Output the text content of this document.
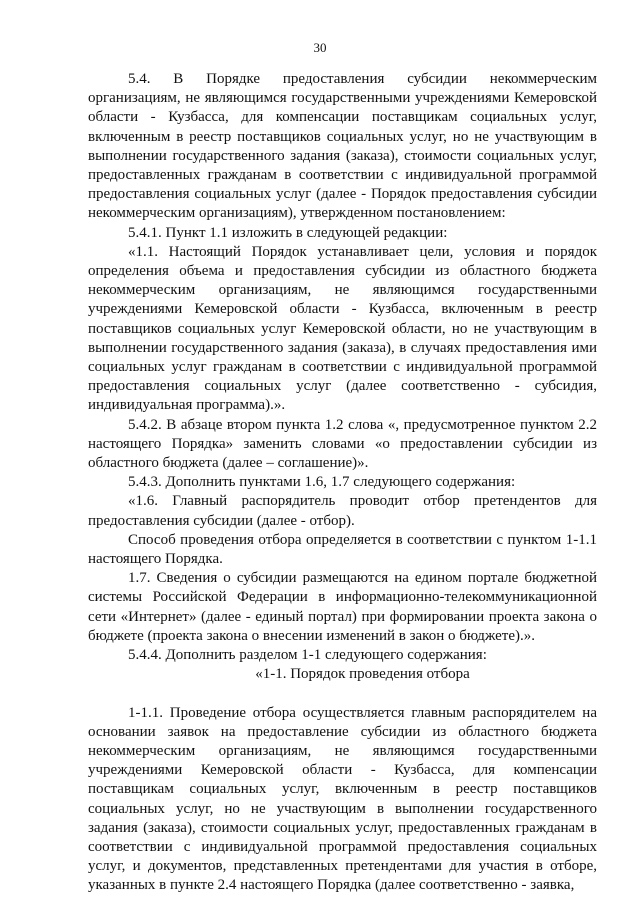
30

5.4. В Порядке предоставления субсидии некоммерческим организациям, не являющимся государственными учреждениями Кемеровской области - Кузбасса, для компенсации поставщикам социальных услуг, включенным в реестр поставщиков социальных услуг, но не участвующим в выполнении государственного задания (заказа), стоимости социальных услуг, предоставленных гражданам в соответствии с индивидуальной программой предоставления социальных услуг (далее - Порядок предоставления субсидии некоммерческим организациям), утвержденном постановлением:

5.4.1. Пункт 1.1 изложить в следующей редакции:

«1.1. Настоящий Порядок устанавливает цели, условия и порядок определения объема и предоставления субсидии из областного бюджета некоммерческим организациям, не являющимся государственными учреждениями Кемеровской области - Кузбасса, включенным в реестр поставщиков социальных услуг Кемеровской области, но не участвующим в выполнении государственного задания (заказа), в случаях предоставления ими социальных услуг гражданам в соответствии с индивидуальной программой предоставления социальных услуг (далее соответственно - субсидия, индивидуальная программа).».

5.4.2. В абзаце втором пункта 1.2 слова «, предусмотренное пунктом 2.2 настоящего Порядка» заменить словами «о предоставлении субсидии из областного бюджета (далее – соглашение)».

5.4.3. Дополнить пунктами 1.6, 1.7 следующего содержания:

«1.6. Главный распорядитель проводит отбор претендентов для предоставления субсидии (далее - отбор).

Способ проведения отбора определяется в соответствии с пунктом 1-1.1 настоящего Порядка.

1.7. Сведения о субсидии размещаются на едином портале бюджетной системы Российской Федерации в информационно-телекоммуникационной сети «Интернет» (далее - единый портал) при формировании проекта закона о бюджете (проекта закона о внесении изменений в закон о бюджете).».

5.4.4. Дополнить разделом 1-1 следующего содержания:

«1-1. Порядок проведения отбора

1-1.1. Проведение отбора осуществляется главным распорядителем на основании заявок на предоставление субсидии из областного бюджета некоммерческим организациям, не являющимся государственными учреждениями Кемеровской области - Кузбасса, для компенсации поставщикам социальных услуг, включенным в реестр поставщиков социальных услуг, но не участвующим в выполнении государственного задания (заказа), стоимости социальных услуг, предоставленных гражданам в соответствии с индивидуальной программой предоставления социальных услуг, и документов, представленных претендентами для участия в отборе, указанных в пункте 2.4 настоящего Порядка (далее соответственно - заявка,
